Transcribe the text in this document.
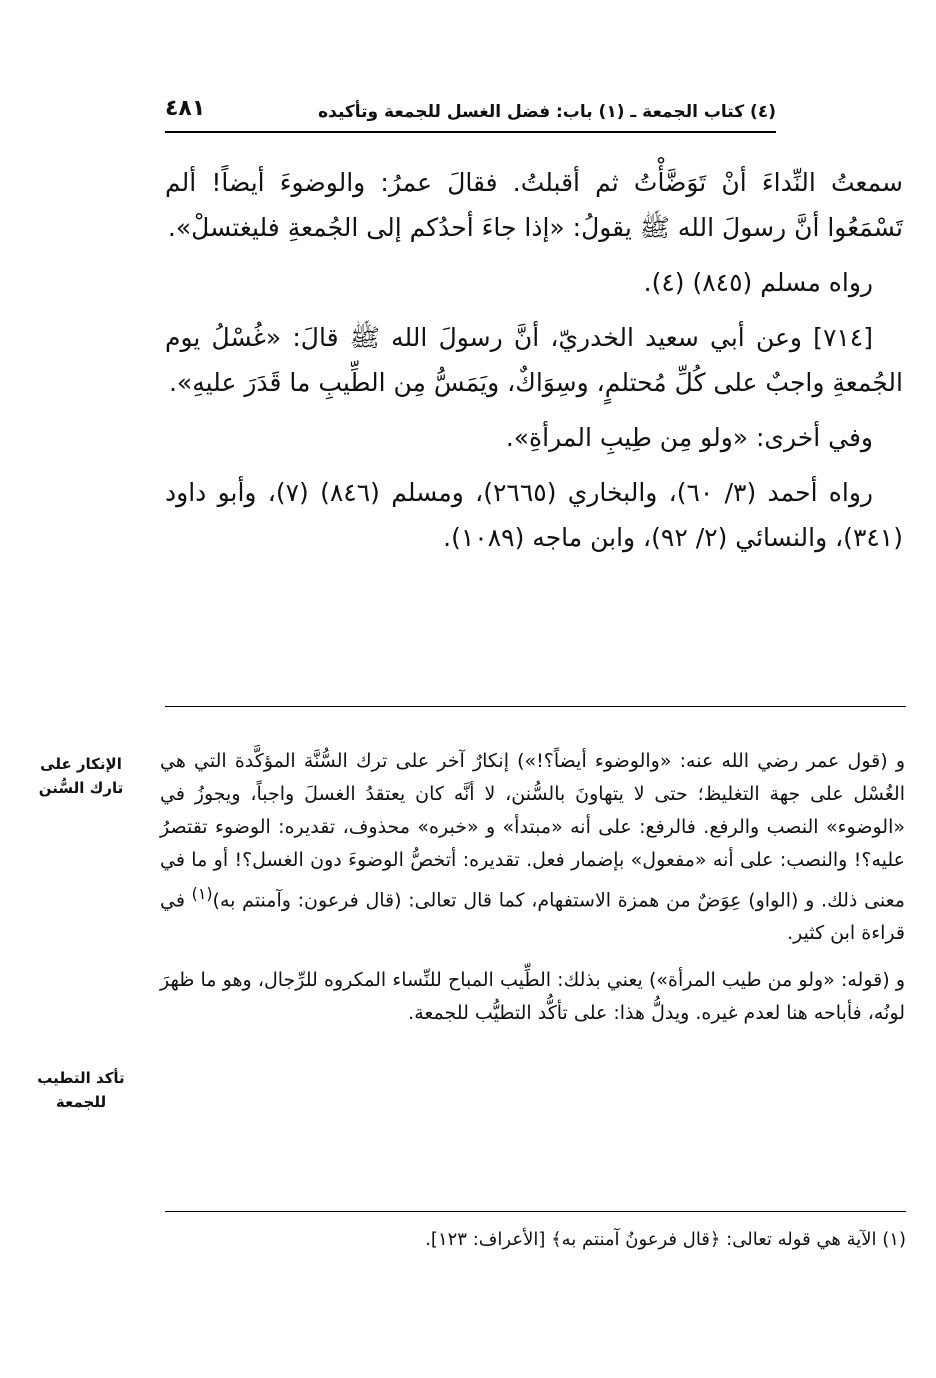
(٤) كتاب الجمعة ـ (١) باب: فضل الغسل للجمعة وتأكيده
٤٨١

سمعتُ النِّداءَ أنْ تَوَضَّأْتُ ثم أقبلتُ. فقالَ عمرُ: والوضوءَ أيضاً! ألم تَسْمَعُوا أنَّ رسولَ الله ﷺ يقولُ: «إذا جاءَ أحدُكم إلى الجُمعةِ فليغتسلْ».

رواه مسلم (٨٤٥) (٤).

[٧١٤] وعن أبي سعيد الخدريّ، أنَّ رسولَ الله ﷺ قالَ: «غُسْلُ يوم الجُمعةِ واجبٌ على كُلِّ مُحتلمٍ، وسِوَاكٌ، ويَمَسُّ مِن الطِّيبِ ما قَدَرَ عليهِ».

وفي أخرى: «ولو مِن طِيبِ المرأةِ».

رواه أحمد (٣/ ٦٠)، والبخاري (٢٦٦٥)، ومسلم (٨٤٦) (٧)، وأبو داود (٣٤١)، والنسائي (٢/ ٩٢)، وابن ماجه (١٠٨٩).

الإنكار على تارك السُّنن
تأكد التطيب للجمعة

و (قول عمر رضي الله عنه: «والوضوء أيضاً؟!») إنكارٌ آخر على ترك السُّنَّة المؤكَّدة التي هي الغُسْل على جهة التغليظ؛ حتى لا يتهاونَ بالسُّنن، لا أنَّه كان يعتقدُ الغسلَ واجباً، ويجوزُ في «الوضوء» النصب والرفع. فالرفع: على أنه «مبتدأ» و «خبره» محذوف، تقديره: الوضوء تقتصرُ عليه؟! والنصب: على أنه «مفعول» بإضمار فعل. تقديره: أتخصُّ الوضوءَ دون الغسل؟! أو ما في معنى ذلك. و (الواو) عِوَضٌ من همزة الاستفهام، كما قال تعالى: (قال فرعون: وآمنتم به)$^{(١)}$ في قراءة ابن كثير.

و (قوله: «ولو من طيب المرأة») يعني بذلك: الطِّيب المباح للنِّساء المكروه للرِّجال، وهو ما ظهرَ لونُه، فأباحه هنا لعدم غيره. ويدلُّ هذا: على تأكُّد التطيُّب للجمعة.

(١) الآية هي قوله تعالى: ﴿قال فرعونُ آمنتم به﴾ [الأعراف: ١٢٣].
